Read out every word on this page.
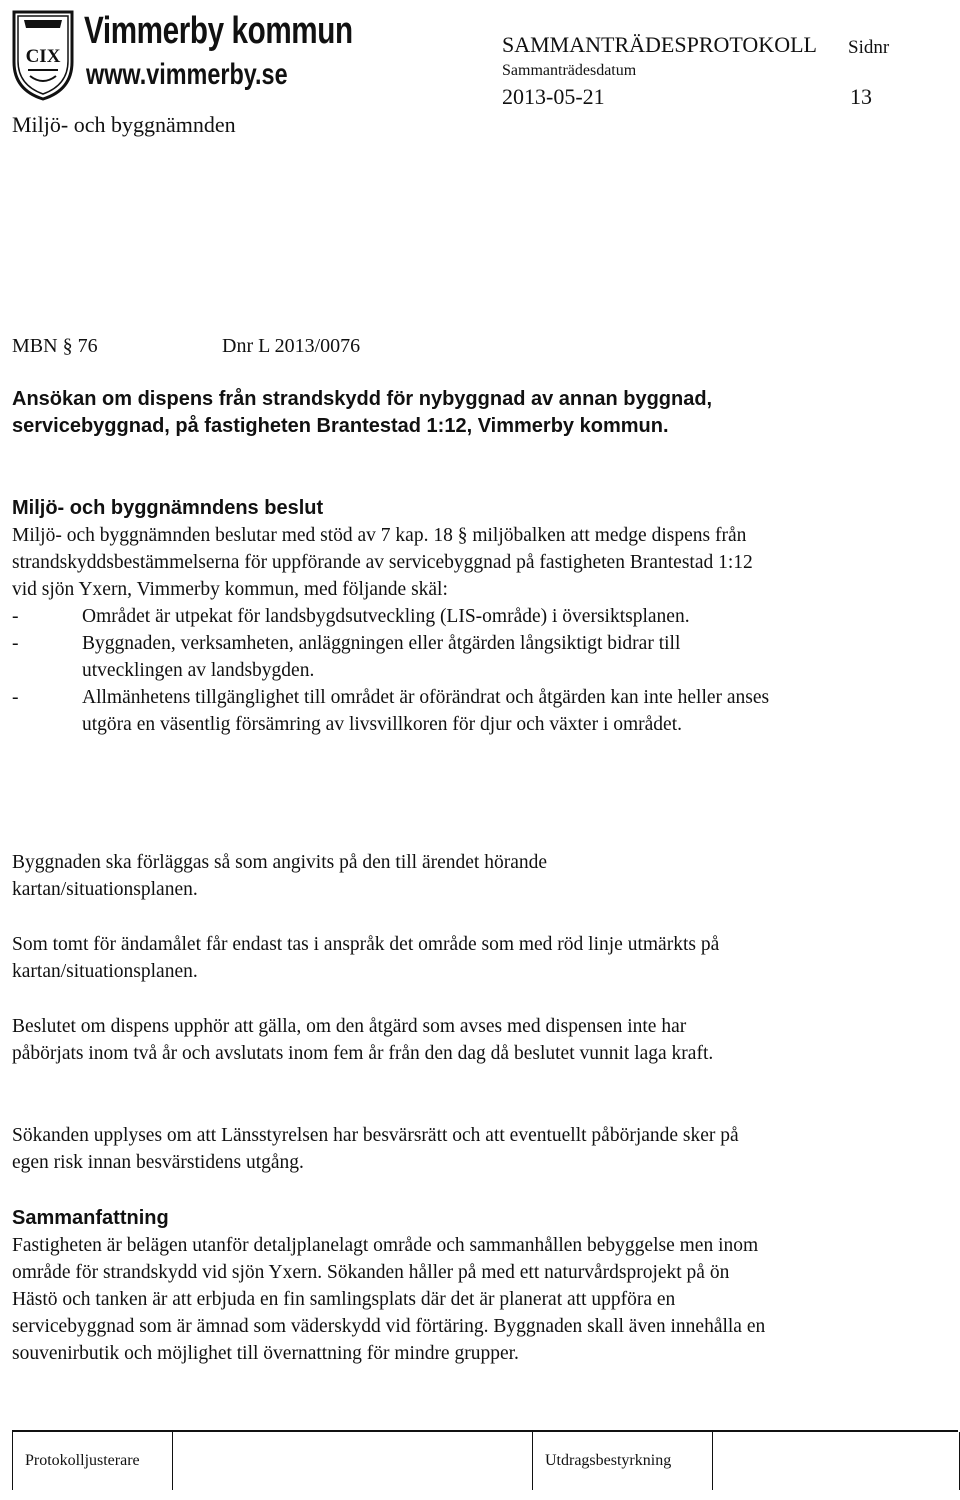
CIX
Vimmerby kommun
www.vimmerby.se
SAMMANTRÄDESPROTOKOLL Sidnr
Sammanträdesdatum
2013-05-21	13
Miljö- och byggnämnden
MBN § 76	Dnr L 2013/0076
Ansökan om dispens från strandskydd för nybyggnad av annan byggnad, servicebyggnad, på fastigheten Brantestad 1:12, Vimmerby kommun.
Miljö- och byggnämndens beslut
Miljö- och byggnämnden beslutar med stöd av 7 kap. 18 § miljöbalken att medge dispens från strandskyddsbestämmelserna för uppförande av servicebyggnad på fastigheten Brantestad 1:12 vid sjön Yxern, Vimmerby kommun, med följande skäl:
-	Området är utpekat för landsbygdsutveckling (LIS-område) i översiktsplanen.
-	Byggnaden, verksamheten, anläggningen eller åtgärden långsiktigt bidrar till utvecklingen av landsbygden.
-	Allmänhetens tillgänglighet till området är oförändrat och åtgärden kan inte heller anses utgöra en väsentlig försämring av livsvillkoren för djur och växter i området.
Byggnaden ska förläggas så som angivits på den till ärendet hörande kartan/situationsplanen.
Som tomt för ändamålet får endast tas i anspråk det område som med röd linje utmärkts på kartan/situationsplanen.
Beslutet om dispens upphör att gälla, om den åtgärd som avses med dispensen inte har påbörjats inom två år och avslutats inom fem år från den dag då beslutet vunnit laga kraft.
Sökanden upplyses om att Länsstyrelsen har besvärsrätt och att eventuellt påbörjande sker på egen risk innan besvärstidens utgång.
Sammanfattning
Fastigheten är belägen utanför detaljplanelagt område och sammanhållen bebyggelse men inom område för strandskydd vid sjön Yxern. Sökanden håller på med ett naturvårdsprojekt på ön Hästö och tanken är att erbjuda en fin samlingsplats där det är planerat att uppföra en servicebyggnad som är ämnad som väderskydd vid förtäring. Byggnaden skall även innehålla en souvenirbutik och möjlighet till övernattning för mindre grupper.
Protokolljusterare	Utdragsbestyrkning
